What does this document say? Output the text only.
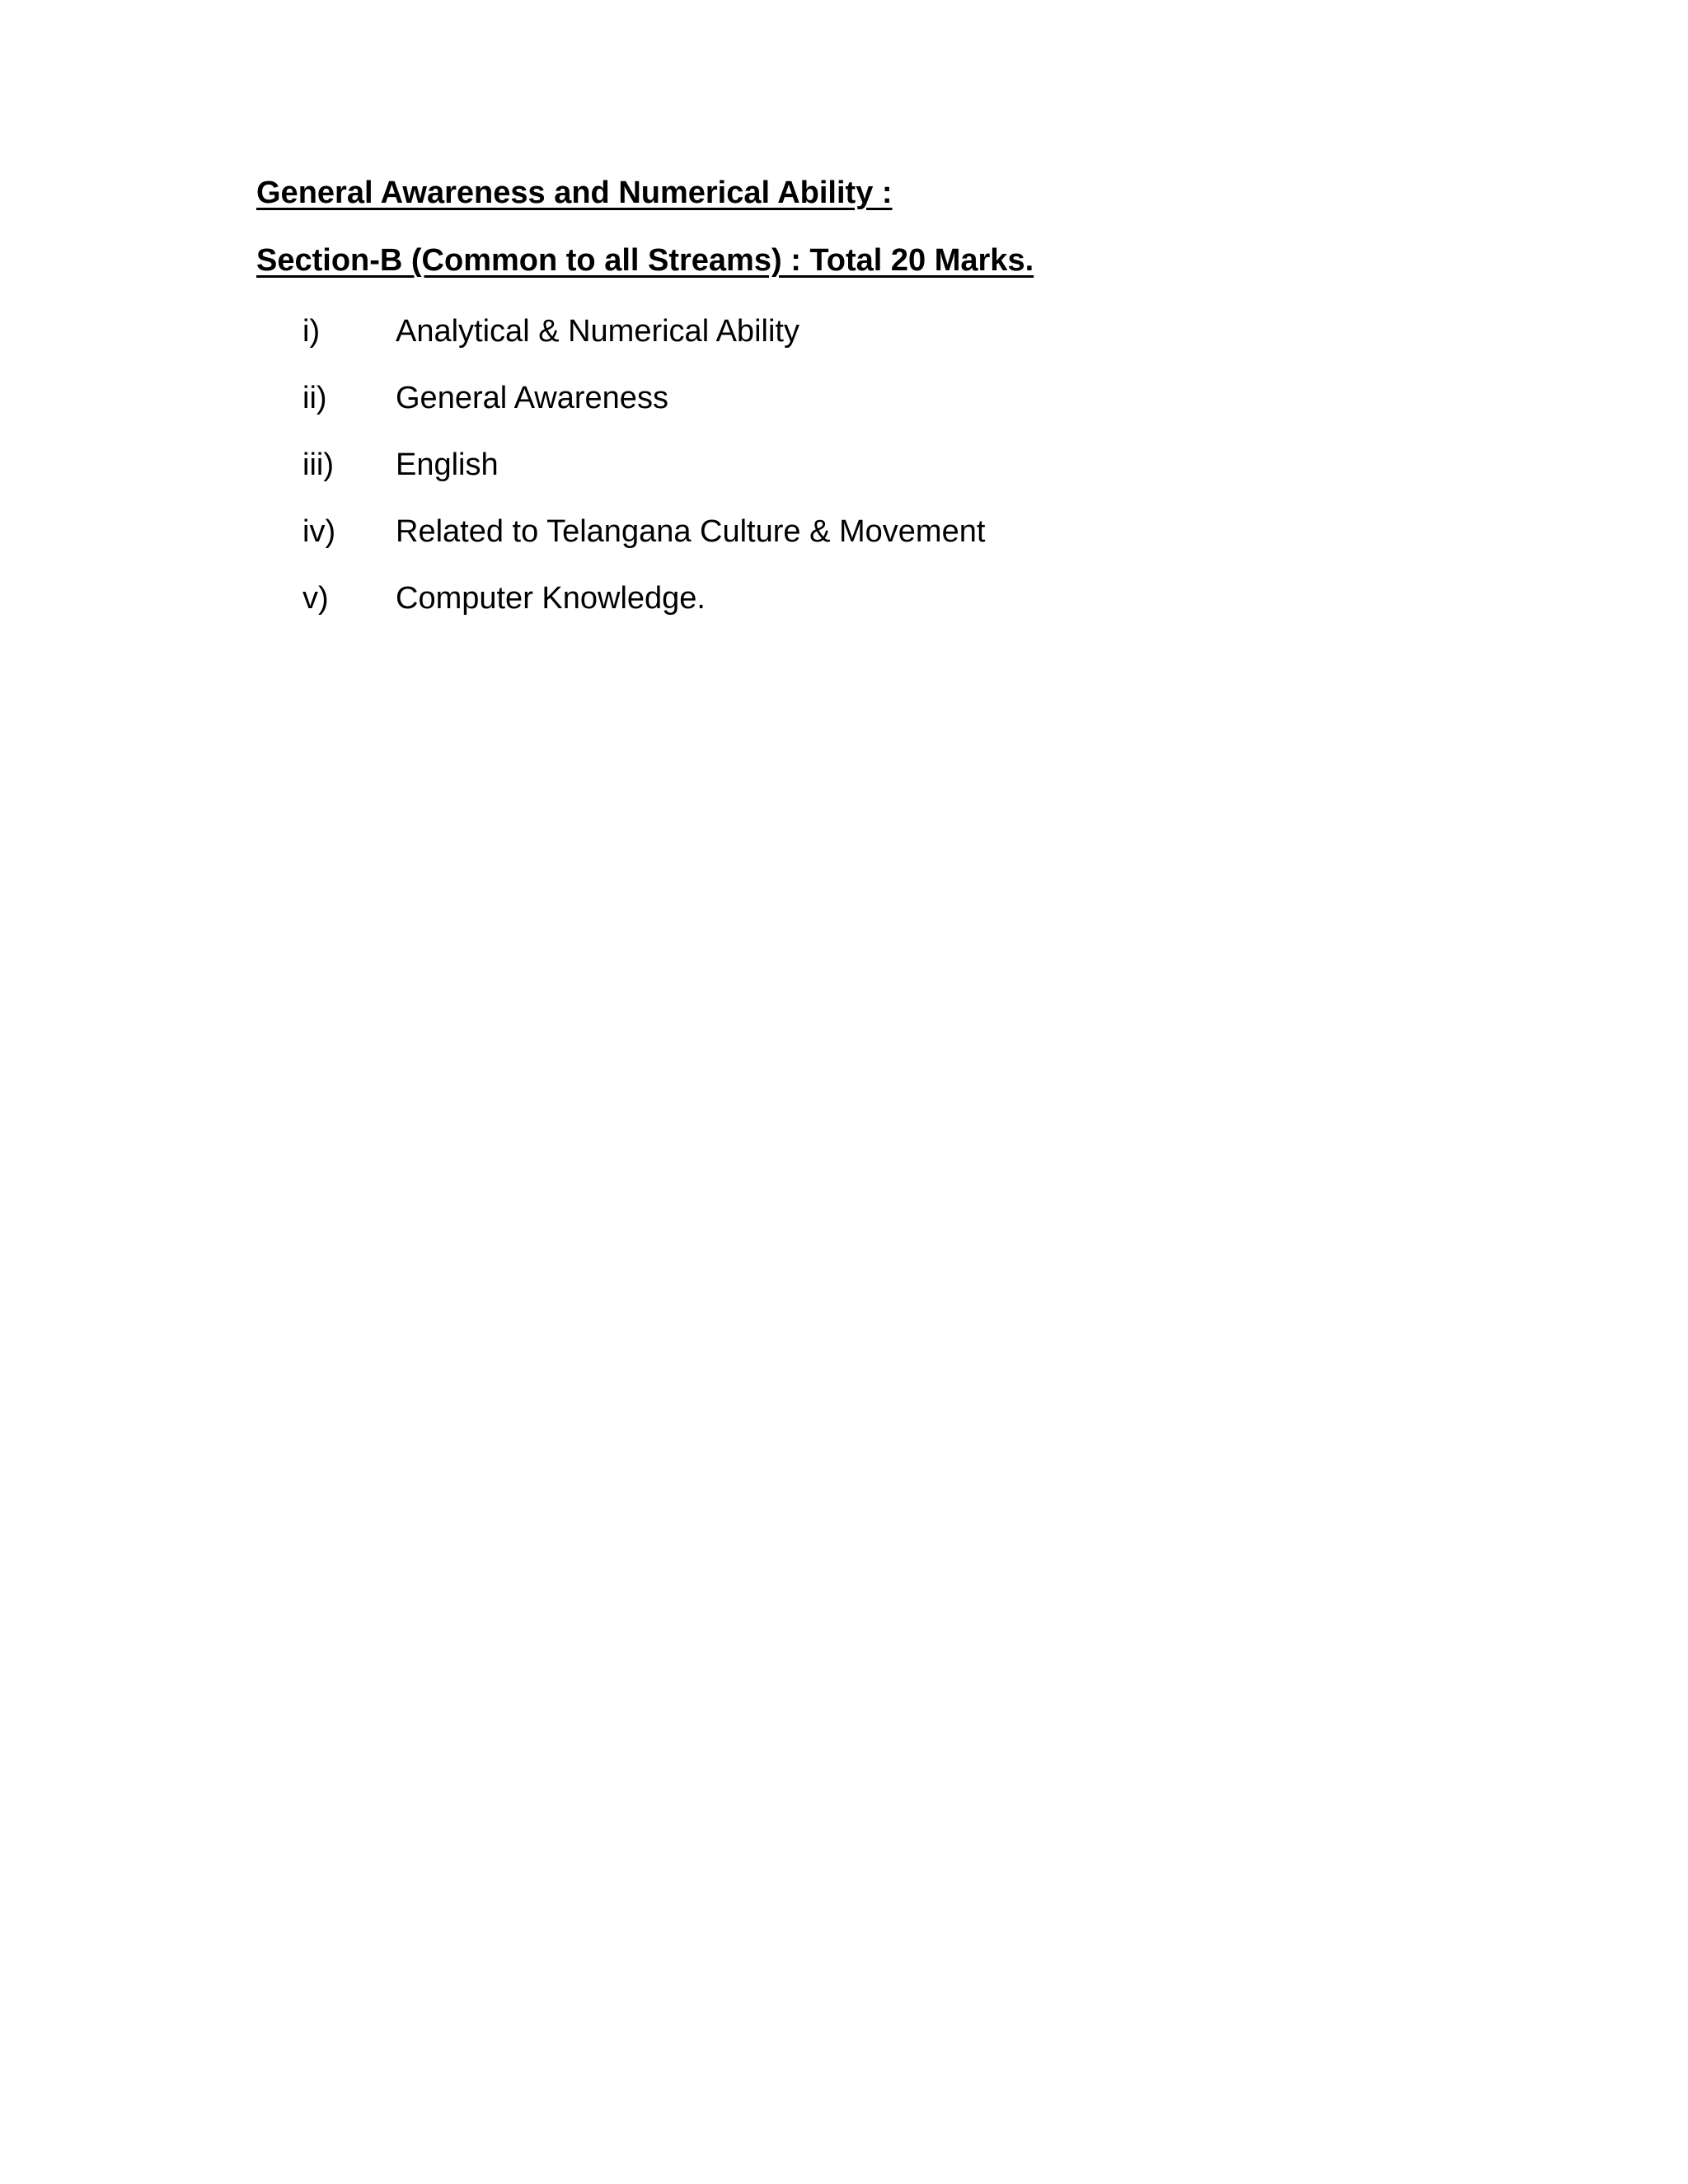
General Awareness and Numerical Ability :
Section-B (Common to all Streams) : Total 20 Marks.
i) Analytical & Numerical Ability
ii) General Awareness
iii) English
iv) Related to Telangana Culture & Movement
v) Computer Knowledge.
